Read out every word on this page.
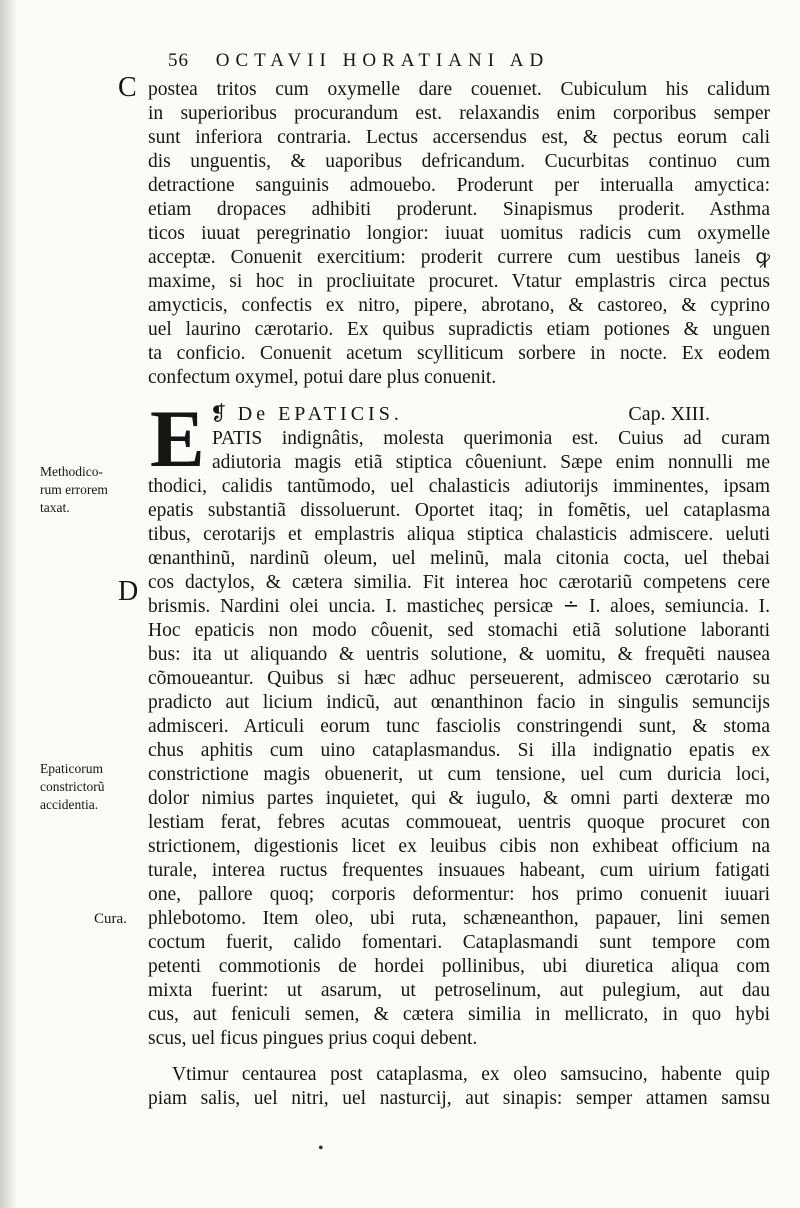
56 OCTAVII HORATIANI AD
C
D
postea tritos cum oxymelle dare couenıet. Cubiculum his calidum
in superioribus procurandum est. relaxandis enim corporibus semper
sunt inferiora contraria. Lectus accersendus est, & pectus eorum cali
dis unguentis, & uaporibus defricandum. Cucurbitas continuo cum
detractione sanguinis admouebo. Proderunt per interualla amyctica:
etiam dropaces adhibiti proderunt. Sinapismus proderit. Asthma
ticos iuuat peregrinatio longior: iuuat uomitus radicis cum oxymelle
acceptæ. Conuenit exercitium: proderit currere cum uestibus laneis ꝙ
maxime, si hoc in procliuitate procuret. Vtatur emplastris circa pectus
amycticis, confectis ex nitro, pipere, abrotano, & castoreo, & cyprino
uel laurino cærotario. Ex quibus supradictis etiam potiones & unguen
ta conficio. Conuenit acetum scylliticum sorbere in nocte. Ex eodem
confectum oxymel, potui dare plus conuenit.
❡ De EPATICIS.	Cap. XIII.
E PATIS indignâtis, molesta querimonia est. Cuius ad curam
adiutoria magis etiã stiptica côueniunt. Sæpe enim nonnulli me
thodici, calidis tantũmodo, uel chalasticis adiutorĳs imminentes, ipsam
epatis substantiã dissoluerunt. Oportet itaq; in fomẽtis, uel cataplasma
tibus, cerotarĳs et emplastris aliqua stiptica chalasticis admiscere. ueluti
œnanthinũ, nardinũ oleum, uel melinũ, mala citonia cocta, uel thebai
cos dactylos, & cætera similia. Fit interea hoc cærotariũ competens cere
brismis. Nardini olei uncia. I. masticheς persicæ ∸ I. aloes, semiuncia. I.
Hoc epaticis non modo côuenit, sed stomachi etiã solutione laboranti
bus: ita ut aliquando & uentris solutione, & uomitu, & frequẽti nausea
cõmoueantur. Quibus si hæc adhuc perseuerent, admisceo cærotario su
pradicto aut licium indicũ, aut œnanthinon facio in singulis semuncĳs
admisceri. Articuli eorum tunc fasciolis constringendi sunt, & stoma
chus aphitis cum uino cataplasmandus. Si illa indignatio epatis ex
constrictione magis obuenerit, ut cum tensione, uel cum duricia loci,
dolor nimius partes inquietet, qui & iugulo, & omni parti dexteræ mo
lestiam ferat, febres acutas commoueat, uentris quoque procuret con
strictionem, digestionis licet ex leuibus cibis non exhibeat officium na
turale, interea ructus frequentes insuaues habeant, cum uirium fatigati
one, pallore quoq; corporis deformentur: hos primo conuenit iuuari
phlebotomo. Item oleo, ubi ruta, schæneanthon, papauer, lini semen
coctum fuerit, calido fomentari. Cataplasmandi sunt tempore com
petenti commotionis de hordei pollinibus, ubi diuretica aliqua com
mixta fuerint: ut asarum, ut petroselinum, aut pulegium, aut dau
cus, aut feniculi semen, & cætera similia in mellicrato, in quo hybi
scus, uel ficus pingues prius coqui debent.
Vtimur centaurea post cataplasma, ex oleo samsucino, habente quip
piam salis, uel nitri, uel nasturcĳ, aut sinapis: semper attamen samsu
Methodico-
rum errorem
taxat.
Epaticorum
constrictorũ
accidentia.
Cura.
•
